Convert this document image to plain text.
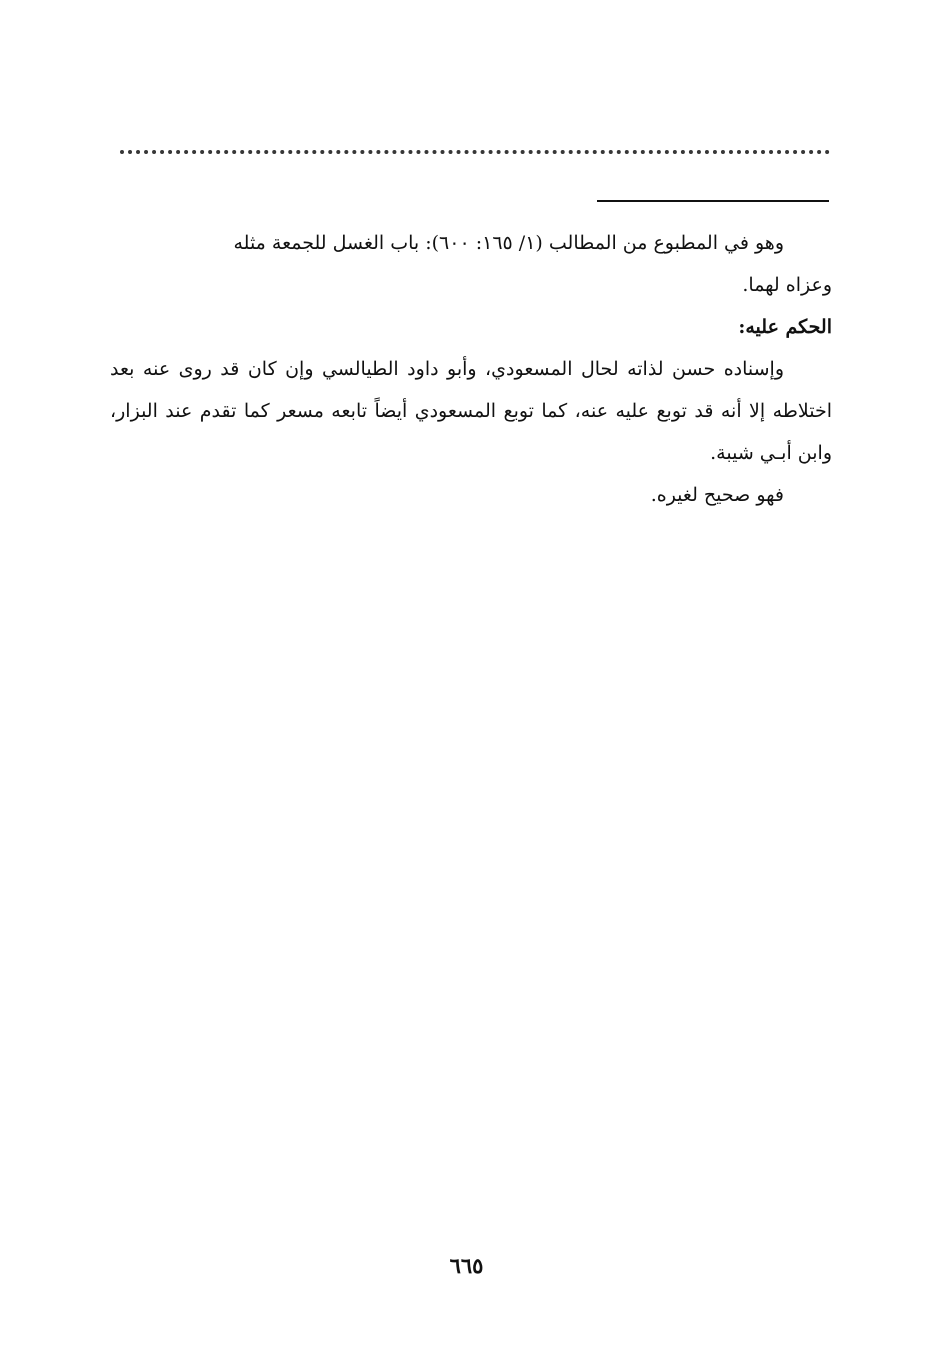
وهو في المطبوع من المطالب (١/ ١٦٥: ٦٠٠): باب الغسل للجمعة مثله

وعزاه لهما.

الحكم عليه:

وإسناده حسن لذاته لحال المسعودي، وأبو داود الطيالسي وإن كان قد روى عنه بعد اختلاطه إلا أنه قد توبع عليه عنه، كما توبع المسعودي أيضاً تابعه مسعر كما تقدم عند البزار، وابن أبـي شيبة.

فهو صحيح لغيره.

٦٦٥
